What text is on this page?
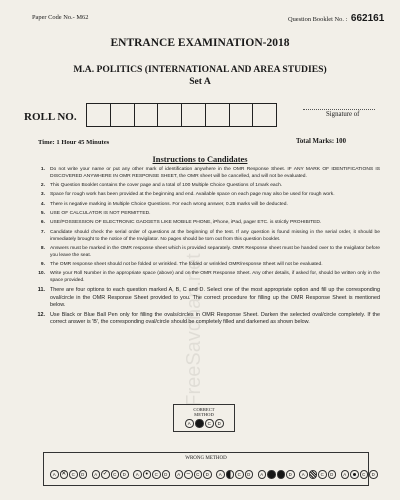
Paper Code No.- M62	Question Booklet No. : 662161
ENTRANCE EXAMINATION-2018
M.A. POLITICS (INTERNATIONAL AND AREA STUDIES)
Set A
ROLL NO.	Signature of
Time: 1 Hour 45 Minutes	Total Marks: 100
Instructions to Candidates
FreeSavdhan.net
1.	Do not write your name or put any other mark of identification anywhere in the OMR Response Sheet. IF ANY MARK OF IDENTIFICATIONS IS DISCOVERED ANYWHERE IN OMR RESPONSE SHEET, the OMR sheet will be cancelled, and will not be evaluated.
2.	This Question Booklet contains the cover page and a total of 100 Multiple Choice Questions of 1mark each.
3.	Space for rough work has been provided at the beginning and end. Available space on each page may also be used for rough work.
4.	There is negative marking in Multiple Choice Questions. For each wrong answer, 0.25 marks will be deducted.
5.	USE OF CALCULATOR IS NOT PERMITTED.
6.	USE/POSSESSION OF ELECTRONIC GADGETS LIKE MOBILE PHONE, iPhone, iPad, pager ETC. is strictly PROHIBITED.
7.	Candidate should check the serial order of questions at the beginning of the test. If any question is found missing in the serial order, it should be immediately brought to the notice of the Invigilator. No pages should be torn out from this question booklet.
8.	Answers must be marked in the OMR response sheet which is provided separately. OMR Response sheet must be handed over to the Invigilator before you leave the seat.
9.	The OMR response sheet should not be folded or wrinkled. The folded or wrinkled OMR/response Sheet will not be evaluated.
10.	Write your Roll Number in the appropriate space (above) and on the OMR Response Sheet. Any other details, if asked for, should be written only in the space provided.
11. There are four options to each question marked A, B, C and D. Select one of the most appropriate option and fill up the corresponding oval/circle in the OMR Response Sheet provided to you. The correct procedure for filling up the OMR Response Sheet is mentioned below.
12. Use Black or Blue Ball Pen only for filling the ovals/circles in OMR Response Sheet. Darken the selected oval/circle completely. If the correct answer is 'B', the corresponding oval/circle should be completely filled and darkened as shown below.
CORRECT
METHOD
A	C	D
WRONG METHOD
A ✕	C	D	A ✓	C	D	A •	C	D	A –	C	D	A	C	D	A	D	A	C	D	A	C	D
